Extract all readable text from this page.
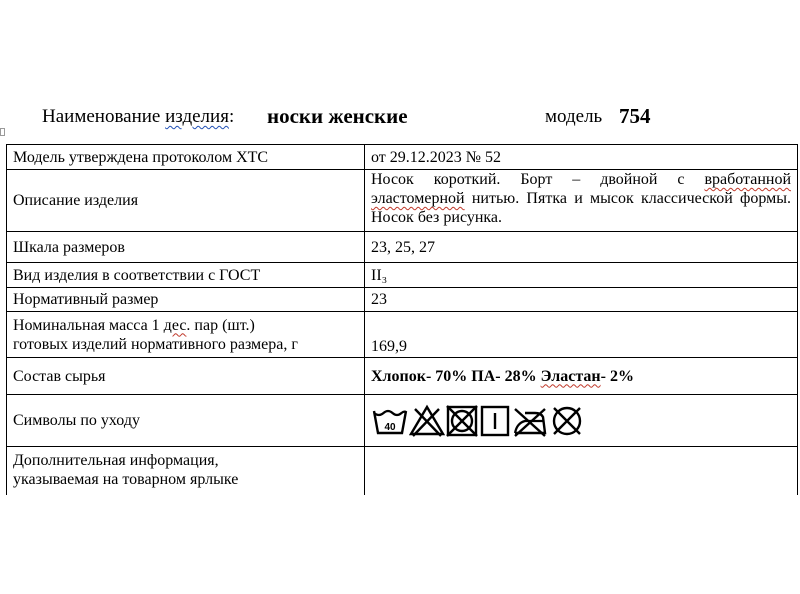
Наименование изделия: носки женские	модель 754
Модель утверждена протоколом ХТС	от 29.12.2023 № 52
Описание изделия	Носок короткий. Борт – двойной с вработанной эластомерной нитью. Пятка и мысок классической формы. Носок без рисунка.
Шкала размеров	23, 25, 27
Вид изделия в соответствии с ГОСТ	II₃
Нормативный размер	23
Номинальная масса 1 дес. пар (шт.)
готовых изделий нормативного размера, г	169,9
Состав сырья	Хлопок- 70% ПА- 28% Эластан- 2%
Символы по уходу	40

Дополнительная информация,
указываемая на товарном ярлыке	
